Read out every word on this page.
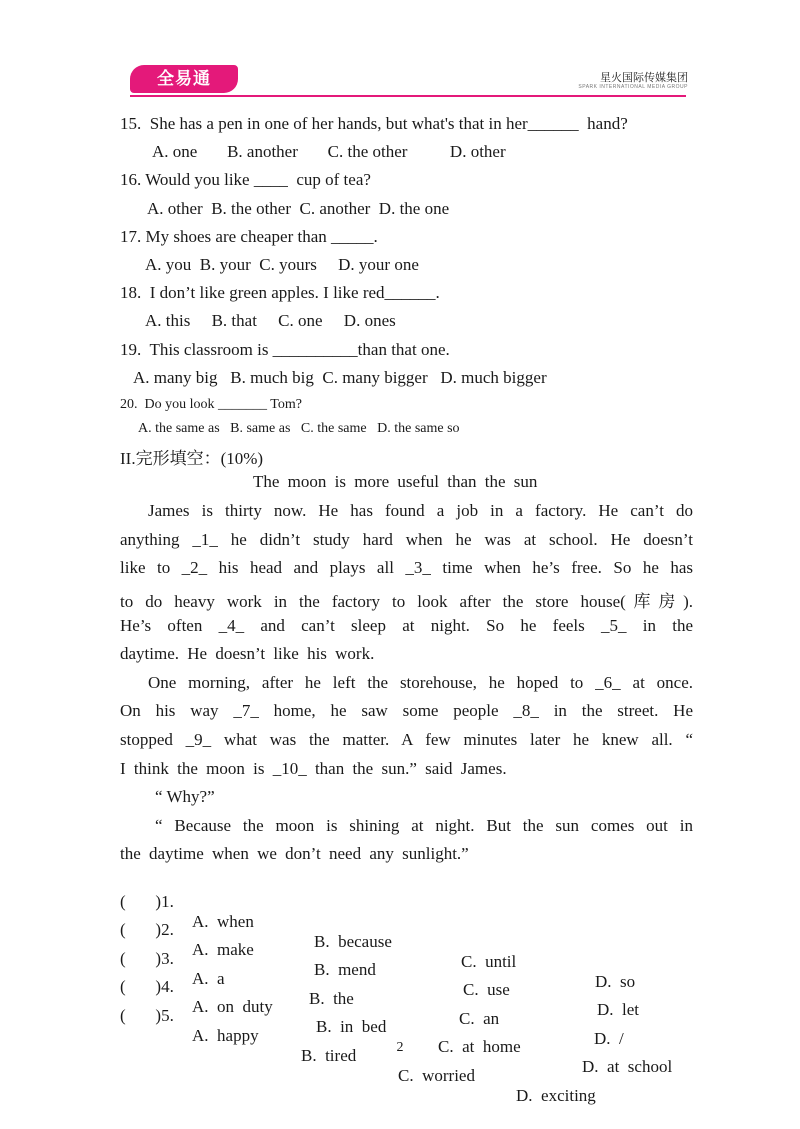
全易通	星火国际传媒集团
SPARK INTERNATIONAL MEDIA GROUP
15.  She has a pen in one of her hands, but what's that in her______  hand?
A. one       B. another       C. the other          D. other
16. Would you like ____  cup of tea?
A. other  B. the other  C. another  D. the one
17. My shoes are cheaper than _____.
A. you  B. your  C. yours     D. your one
18.  I don’t like green apples. I like red______.
A. this     B. that     C. one     D. ones
19.  This classroom is __________than that one.
A. many big   B. much big  C. many bigger   D. much bigger
20.  Do you look _______ Tom?
A. the same as   B. same as   C. the same   D. the same so
II.完形填空：(10%)
The moon is more useful than the sun
James is thirty now. He has found a job in a factory. He can’t do
anything _1_ he didn’t study hard when he was at school. He doesn’t
like to _2_ his head and plays all _3_ time when he’s free. So he has
to do heavy work in the factory to look after the store house(库房).
He’s often _4_ and can’t sleep at night. So he feels _5_ in the
daytime. He doesn’t like his work.
One morning, after he left the storehouse, he hoped to _6_ at once.
On his way _7_ home, he saw some people _8_ in the street. He
stopped _9_ what was the matter. A few minutes later he knew all. “
I think the moon is _10_ than the sun.” said James.
“ Why?”
“ Because the moon is shining at night. But the sun comes out in
the daytime when we don’t need any sunlight.”

(       )1.

A.  when

B.  because

C.  until

D.  so

(       )2.

A.  make

B.  mend

C.  use

D.  let

(       )3.

A.  a

B.  the

C.  an

D.  /

(       )4.

A.  on  duty

B.  in  bed

C.  at  home

D.  at  school

(       )5.

A.  happy

B.  tired

C.  worried

D.  exciting

2
